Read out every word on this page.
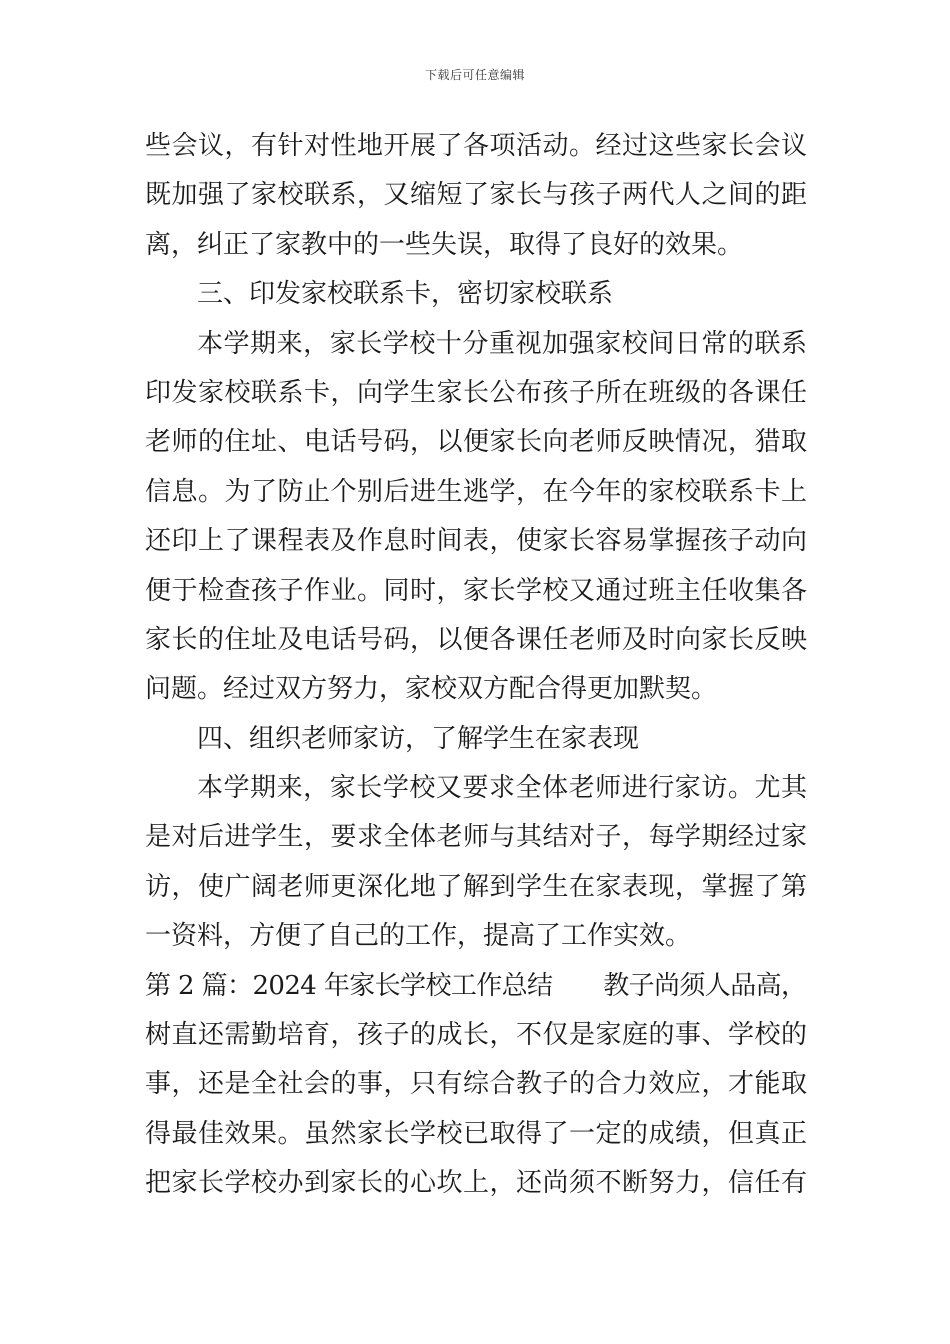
下载后可任意编辑
些会议，有针对性地开展了各项活动。经过这些家长会议
既加强了家校联系，又缩短了家长与孩子两代人之间的距
离，纠正了家教中的一些失误，取得了良好的效果。
三、印发家校联系卡，密切家校联系
本学期来，家长学校十分重视加强家校间日常的联系
印发家校联系卡，向学生家长公布孩子所在班级的各课任
老师的住址、电话号码，以便家长向老师反映情况，猎取
信息。为了防止个别后进生逃学，在今年的家校联系卡上
还印上了课程表及作息时间表，使家长容易掌握孩子动向
便于检查孩子作业。同时，家长学校又通过班主任收集各
家长的住址及电话号码，以便各课任老师及时向家长反映
问题。经过双方努力，家校双方配合得更加默契。
四、组织老师家访，了解学生在家表现
本学期来，家长学校又要求全体老师进行家访。尤其
是对后进学生，要求全体老师与其结对子，每学期经过家
访，使广阔老师更深化地了解到学生在家表现，掌握了第
一资料，方便了自己的工作，提高了工作实效。
第 2 篇：2024 年家长学校工作总结　　教子尚须人品高，
树直还需勤培育，孩子的成长，不仅是家庭的事、学校的
事，还是全社会的事，只有综合教子的合力效应，才能取
得最佳效果。虽然家长学校已取得了一定的成绩，但真正
把家长学校办到家长的心坎上，还尚须不断努力，信任有
